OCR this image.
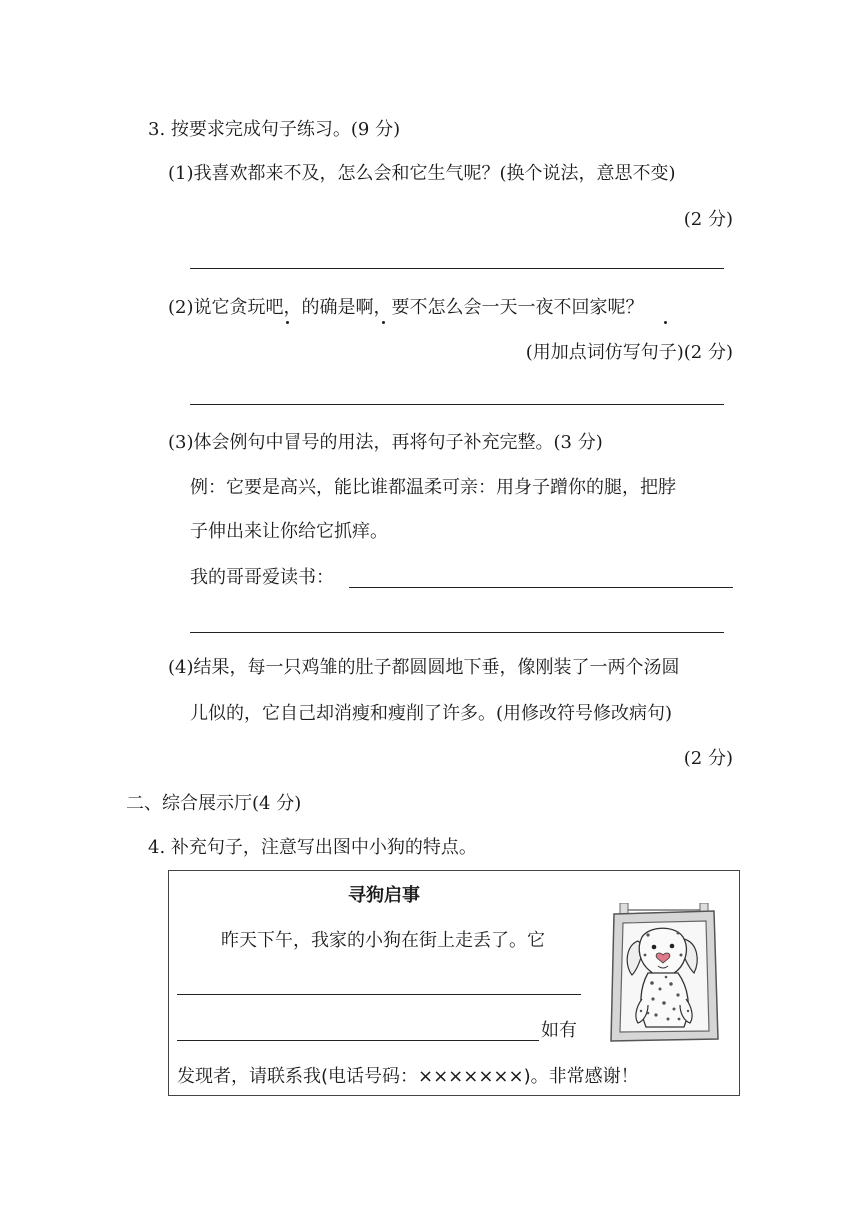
3. 按要求完成句子练习。(9 分)
(1)我喜欢都来不及，怎么会和它生气呢？(换个说法，意思不变)
(2 分)
(2)说它贪玩吧，的确是啊，要不怎么会一天一夜不回家呢？
(用加点词仿写句子)(2 分)
(3)体会例句中冒号的用法，再将句子补充完整。(3 分)
例：它要是高兴，能比谁都温柔可亲：用身子蹭你的腿，把脖
子伸出来让你给它抓痒。
我的哥哥爱读书：
(4)结果，每一只鸡雏的肚子都圆圆地下垂，像刚装了一两个汤圆
儿似的，它自己却消瘦和瘦削了许多。(用修改符号修改病句)
(2 分)
二、综合展示厅(4 分)
4. 补充句子，注意写出图中小狗的特点。
寻狗启事
昨天下午，我家的小狗在街上走丢了。它
如有
发现者，请联系我(电话号码：×××××××)。非常感谢！
